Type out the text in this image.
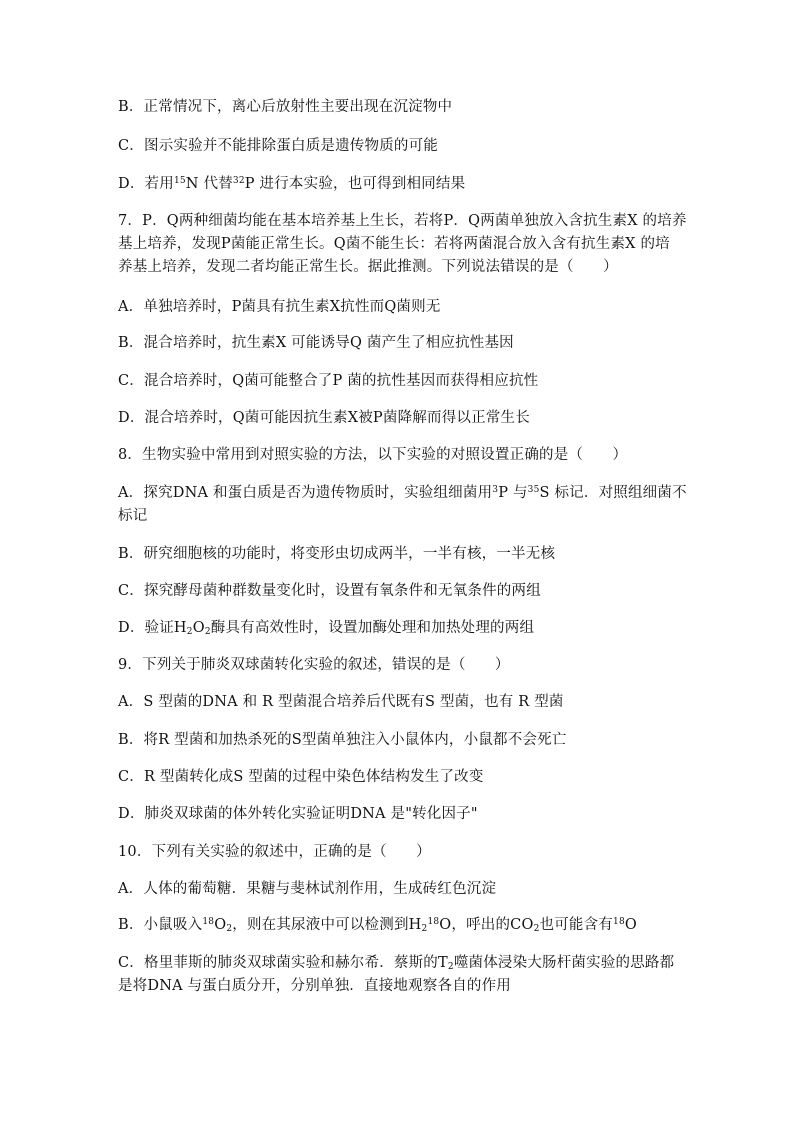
B．正常情况下，离心后放射性主要出现在沉淀物中
C．图示实验并不能排除蛋白质是遗传物质的可能
D．若用$^{15}$N 代替$^{32}$P 进行本实验，也可得到相同结果
7．P．Q两种细菌均能在基本培养基上生长，若将P．Q两菌单独放入含抗生素X 的培养
基上培养，发现P菌能正常生长。Q菌不能生长：若将两菌混合放入含有抗生素X 的培
养基上培养，发现二者均能正常生长。据此推测。下列说法错误的是（　　）
A．单独培养时，P菌具有抗生素X抗性而Q菌则无
B．混合培养时，抗生素X 可能诱导Q 菌产生了相应抗性基因
C．混合培养时，Q菌可能整合了P 菌的抗性基因而获得相应抗性
D．混合培养时，Q菌可能因抗生素X被P菌降解而得以正常生长
8．生物实验中常用到对照实验的方法，以下实验的对照设置正确的是（　　）
A．探究DNA 和蛋白质是否为遗传物质时，实验组细菌用$^3$P 与$^{35}$S 标记．对照组细菌不
标记
B．研究细胞核的功能时，将变形虫切成两半，一半有核，一半无核
C．探究酵母菌种群数量变化时，设置有氧条件和无氧条件的两组
D．验证$H_2O_2$酶具有高效性时，设置加酶处理和加热处理的两组
9．下列关于肺炎双球菌转化实验的叙述，错误的是（　　）
A．S 型菌的DNA 和 R 型菌混合培养后代既有S 型菌，也有 R 型菌
B．将R 型菌和加热杀死的S型菌单独注入小鼠体内，小鼠都不会死亡
C．R 型菌转化成S 型菌的过程中染色体结构发生了改变
D．肺炎双球菌的体外转化实验证明DNA 是"转化因子"
10．下列有关实验的叙述中，正确的是（　　）
A．人体的葡萄糖．果糖与斐林试剂作用，生成砖红色沉淀
B．小鼠吸入$^{18}O_2$，则在其尿液中可以检测到$H_2^{18}O$，呼出的$CO_2$也可能含有$^{18}$O
C．格里菲斯的肺炎双球菌实验和赫尔希．蔡斯的$T_2$噬菌体浸染大肠杆菌实验的思路都
是将DNA 与蛋白质分开，分别单独．直接地观察各自的作用
